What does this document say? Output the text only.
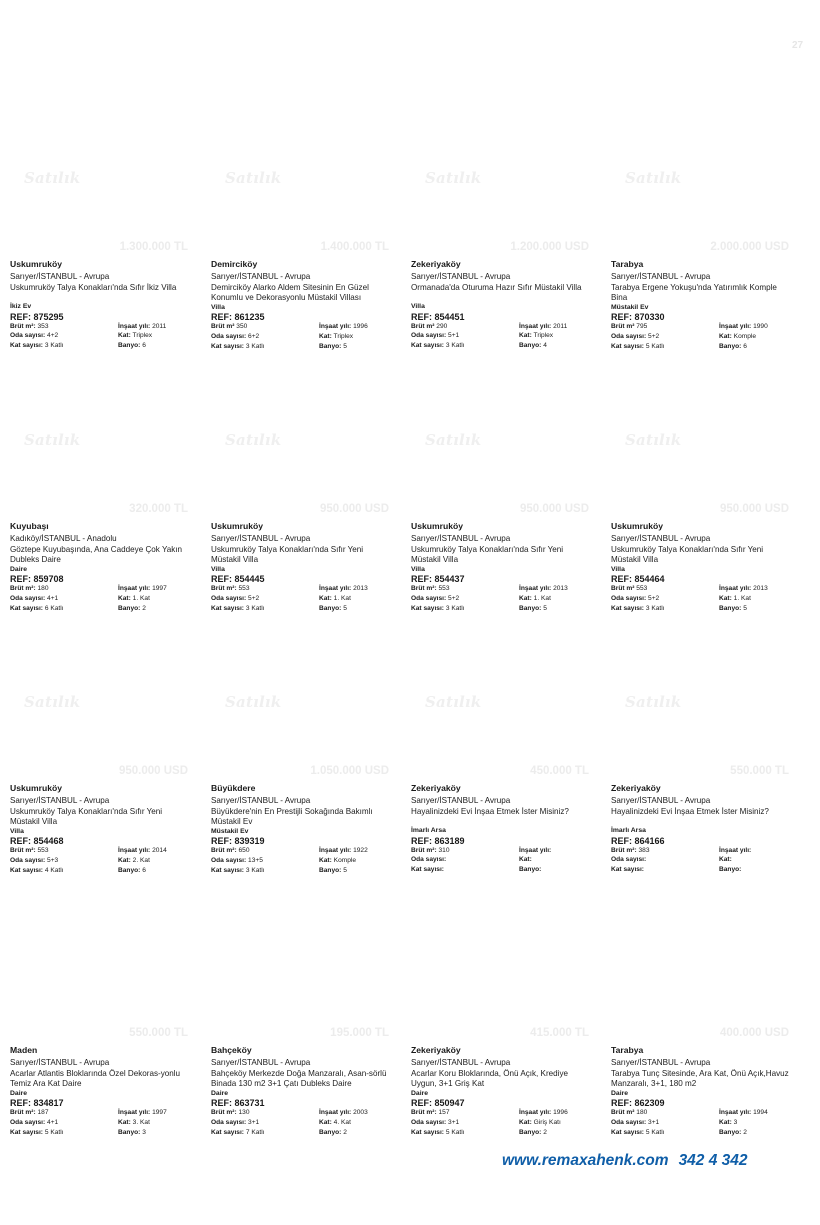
27
Satılık
1.300.000 TL
Uskumruköy
Sarıyer/İSTANBUL - Avrupa
Uskumruköy Talya Konakları'nda Sıfır İkiz Villa
İkiz Ev
REF: 875295
Brüt m²: 353	İnşaat yılı: 2011
Oda sayısı: 4+2	Kat: Triplex
Kat sayısı: 3 Katlı	Banyo: 6
Satılık
1.400.000 TL
Demirciköy
Sarıyer/İSTANBUL - Avrupa
Demirciköy Alarko Aldem Sitesinin En Güzel Konumlu ve Dekorasyonlu Müstakil Villası
Villa
REF: 861235
Brüt m² 350	İnşaat yılı: 1996
Oda sayısı: 6+2	Kat: Triplex
Kat sayısı: 3 Katlı	Banyo: 5
Satılık
1.200.000 USD
Zekeriyaköy
Sarıyer/İSTANBUL - Avrupa
Ormanada'da Oturuma Hazır Sıfır Müstakil Villa
Villa
REF: 854451
Brüt m² 290	İnşaat yılı: 2011
Oda sayısı: 5+1	Kat: Triplex
Kat sayısı: 3 Katlı	Banyo: 4
Satılık
2.000.000 USD
Tarabya
Sarıyer/İSTANBUL - Avrupa
Tarabya Ergene Yokuşu'nda Yatırımlık Komple Bina
Müstakil Ev
REF: 870330
Brüt m² 795	İnşaat yılı: 1990
Oda sayısı: 5+2	Kat: Komple
Kat sayısı: 5 Katlı	Banyo: 6
Satılık
320.000 TL
Kuyubaşı
Kadıköy/İSTANBUL - Anadolu
Göztepe Kuyubaşında, Ana Caddeye Çok Yakın Dubleks Daire
Daire
REF: 859708
Brüt m²: 180	İnşaat yılı: 1997
Oda sayısı: 4+1	Kat: 1. Kat
Kat sayısı: 6 Katlı	Banyo: 2
Satılık
950.000 USD
Uskumruköy
Sarıyer/İSTANBUL - Avrupa
Uskumruköy Talya Konakları'nda Sıfır Yeni Müstakil Villa
Villa
REF: 854445
Brüt m²: 553	İnşaat yılı: 2013
Oda sayısı: 5+2	Kat: 1. Kat
Kat sayısı: 3 Katlı	Banyo: 5
Satılık
950.000 USD
Uskumruköy
Sarıyer/İSTANBUL - Avrupa
Uskumruköy Talya Konakları'nda Sıfır Yeni Müstakil Villa
Villa
REF: 854437
Brüt m²: 553	İnşaat yılı: 2013
Oda sayısı: 5+2	Kat: 1. Kat
Kat sayısı: 3 Katlı	Banyo: 5
Satılık
950.000 USD
Uskumruköy
Sarıyer/İSTANBUL - Avrupa
Uskumruköy Talya Konakları'nda Sıfır Yeni Müstakil Villa
Villa
REF: 854464
Brüt m² 553	İnşaat yılı: 2013
Oda sayısı: 5+2	Kat: 1. Kat
Kat sayısı: 3 Katlı	Banyo: 5
Satılık
950.000 USD
Uskumruköy
Sarıyer/İSTANBUL - Avrupa
Uskumruköy Talya Konakları'nda Sıfır Yeni Müstakil Villa
Villa
REF: 854468
Brüt m²: 553	İnşaat yılı: 2014
Oda sayısı: 5+3	Kat: 2. Kat
Kat sayısı: 4 Katlı	Banyo: 6
Satılık
1.050.000 USD
Büyükdere
Sarıyer/İSTANBUL - Avrupa
Büyükdere'nin En Prestijli Sokağında Bakımlı Müstakil Ev
Müstakil Ev
REF: 839319
Brüt m²: 650	İnşaat yılı: 1922
Oda sayısı: 13+5	Kat: Komple
Kat sayısı: 3 Katlı	Banyo: 5
Satılık
450.000 TL
Zekeriyaköy
Sarıyer/İSTANBUL - Avrupa
Hayalinizdeki Evi İnşaa Etmek İster Misiniz?
İmarlı Arsa
REF: 863189
Brüt m²: 310	İnşaat yılı:
Oda sayısı:	Kat:
Kat sayısı:	Banyo:
Satılık
550.000 TL
Zekeriyaköy
Sarıyer/İSTANBUL - Avrupa
Hayalinizdeki Evi İnşaa Etmek İster Misiniz?
İmarlı Arsa
REF: 864166
Brüt m²: 383	İnşaat yılı:
Oda sayısı:	Kat:
Kat sayısı:	Banyo:
550.000 TL
Maden
Sarıyer/İSTANBUL - Avrupa
Acarlar Atlantis Bloklarında Özel Dekoras-yonlu Temiz Ara Kat Daire
Daire
REF: 834817
Brüt m²: 187	İnşaat yılı: 1997
Oda sayısı: 4+1	Kat: 3. Kat
Kat sayısı: 5 Katlı	Banyo: 3
195.000 TL
Bahçeköy
Sarıyer/İSTANBUL - Avrupa
Bahçeköy Merkezde Doğa Manzaralı, Asan-sörlü Binada 130 m2 3+1 Çatı Dubleks Daire
Daire
REF: 863731
Brüt m²: 130	İnşaat yılı: 2003
Oda sayısı: 3+1	Kat: 4. Kat
Kat sayısı: 7 Katlı	Banyo: 2
415.000 TL
Zekeriyaköy
Sarıyer/İSTANBUL - Avrupa
Acarlar Koru Bloklarında, Önü Açık, Krediye Uygun, 3+1 Griş Kat
Daire
REF: 850947
Brüt m²: 157	İnşaat yılı: 1996
Oda sayısı: 3+1	Kat: Giriş Katı
Kat sayısı: 5 Katlı	Banyo: 2
400.000 USD
Tarabya
Sarıyer/İSTANBUL - Avrupa
Tarabya Tunç Sitesinde, Ara Kat, Önü Açık,Havuz Manzaralı, 3+1, 180 m2
Daire
REF: 862309
Brüt m² 180	İnşaat yılı: 1994
Oda sayısı: 3+1	Kat: 3
Kat sayısı: 5 Katlı	Banyo: 2
www.remaxahenk.com 342 4 342
